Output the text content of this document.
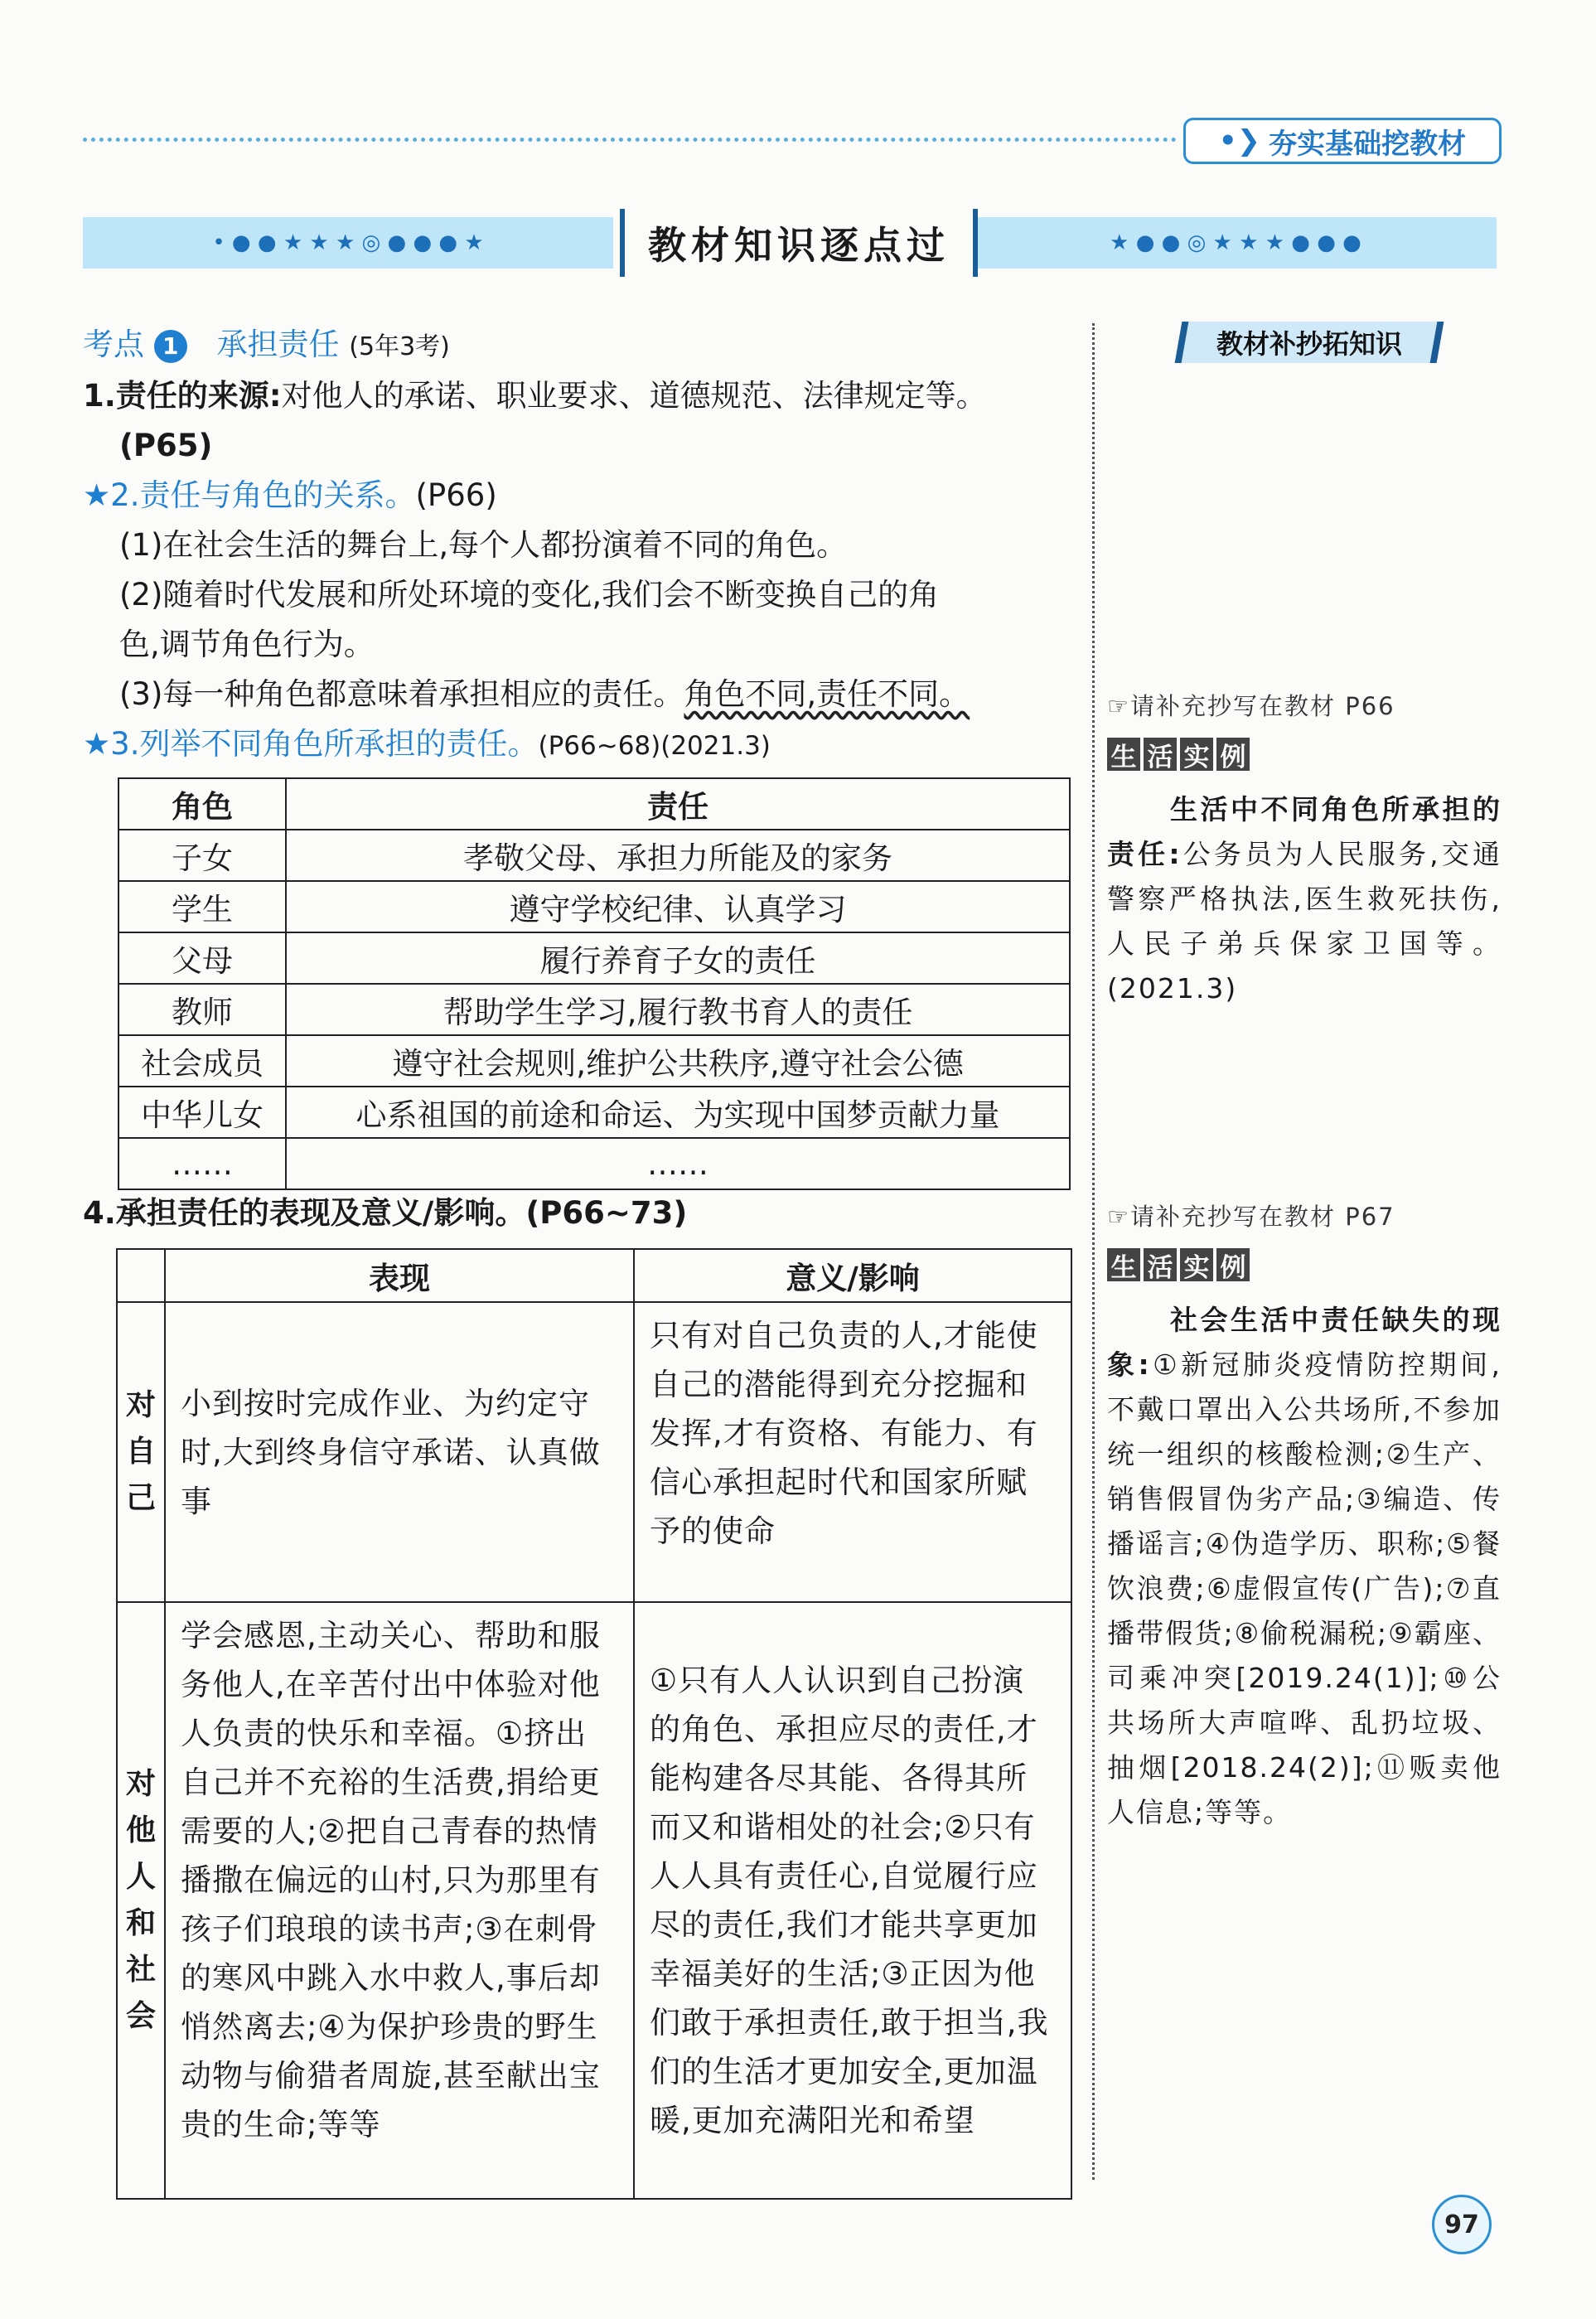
•❯ 夯实基础挖教材
• ● ● ★ ★ ★ ◎ ● ● ● ★	★ ● ● ◎ ★ ★ ★ ● ● ●
教材知识逐点过
考点 1 承担责任 (5年3考)
1.责任的来源:对他人的承诺、职业要求、道德规范、法律规定等。
(P65)
★2.责任与角色的关系。(P66)
(1)在社会生活的舞台上,每个人都扮演着不同的角色。
(2)随着时代发展和所处环境的变化,我们会不断变换自己的角
色,调节角色行为。
(3)每一种角色都意味着承担相应的责任。角色不同,责任不同。
★3.列举不同角色所承担的责任。(P66~68)(2021.3)
角色	责任
子女	孝敬父母、承担力所能及的家务
学生	遵守学校纪律、认真学习
父母	履行养育子女的责任
教师	帮助学生学习,履行教书育人的责任
社会成员	遵守社会规则,维护公共秩序,遵守社会公德
中华儿女	心系祖国的前途和命运、为实现中国梦贡献力量
……	……
4.承担责任的表现及意义/影响。(P66~73)
	表现	意义/影响

对自己	小到按时完成作业、为约定守时,大到终身信守承诺、认真做事	只有对自己负责的人,才能使自己的潜能得到充分挖掘和发挥,才有资格、有能力、有信心承担起时代和国家所赋予的使命

对他人和社会	学会感恩,主动关心、帮助和服务他人,在辛苦付出中体验对他人负责的快乐和幸福。①挤出自己并不充裕的生活费,捐给更需要的人;②把自己青春的热情播撒在偏远的山村,只为那里有孩子们琅琅的读书声;③在刺骨的寒风中跳入水中救人,事后却悄然离去;④为保护珍贵的野生动物与偷猎者周旋,甚至献出宝贵的生命;等等	①只有人人认识到自己扮演的角色、承担应尽的责任,才能构建各尽其能、各得其所而又和谐相处的社会;②只有人人具有责任心,自觉履行应尽的责任,我们才能共享更加幸福美好的生活;③正因为他们敢于承担责任,敢于担当,我们的生活才更加安全,更加温暖,更加充满阳光和希望
教材补抄拓知识
☞请补充抄写在教材 P66
生 活 实 例
生活中不同角色所承担的责任:公务员为人民服务,交通警察严格执法,医生救死扶伤,人民子弟兵保家卫国等。(2021.3)
☞请补充抄写在教材 P67
生 活 实 例
社会生活中责任缺失的现象:①新冠肺炎疫情防控期间,不戴口罩出入公共场所,不参加统一组织的核酸检测;②生产、销售假冒伪劣产品;③编造、传播谣言;④伪造学历、职称;⑤餐饮浪费;⑥虚假宣传(广告);⑦直播带假货;⑧偷税漏税;⑨霸座、司乘冲突[2019.24(1)];⑩公共场所大声喧哗、乱扔垃圾、抽烟[2018.24(2)];⑪贩卖他人信息;等等。
97
